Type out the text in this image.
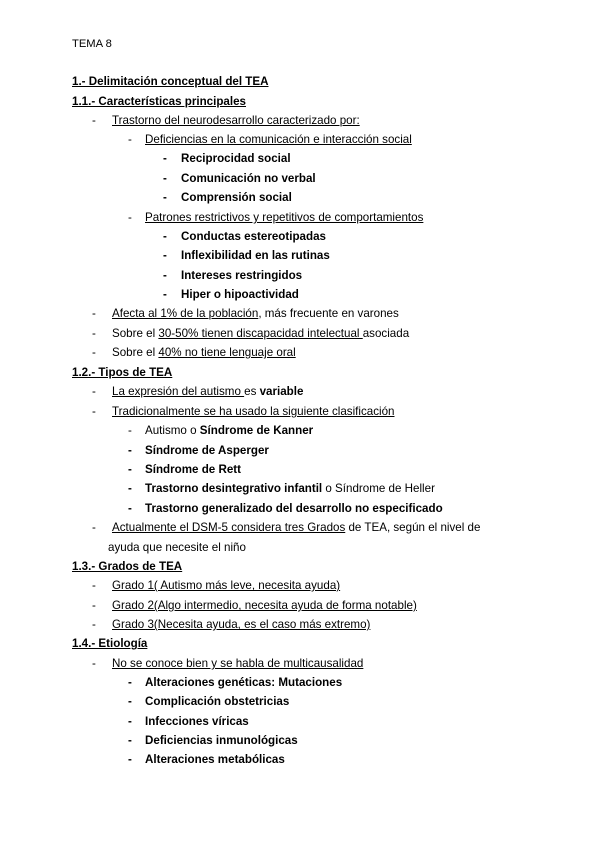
TEMA 8
1.- Delimitación conceptual del TEA
1.1.- Características principales
- Trastorno del neurodesarrollo caracterizado por:
- Deficiencias en la comunicación e interacción social
- Reciprocidad social
- Comunicación no verbal
- Comprensión social
- Patrones restrictivos y repetitivos de comportamientos
- Conductas estereotipadas
- Inflexibilidad en las rutinas
- Intereses restringidos
- Hiper o hipoactividad
- Afecta al 1% de la población, más frecuente en varones
- Sobre el 30-50% tienen discapacidad intelectual asociada
- Sobre el 40% no tiene lenguaje oral
1.2.- Tipos de TEA
- La expresión del autismo es variable
- Tradicionalmente se ha usado la siguiente clasificación
- Autismo o Síndrome de Kanner
- Síndrome de Asperger
- Síndrome de Rett
- Trastorno desintegrativo infantil o Síndrome de Heller
- Trastorno generalizado del desarrollo no especificado
- Actualmente el DSM-5 considera tres Grados de TEA, según el nivel de
ayuda que necesite el niño
1.3.- Grados de TEA
- Grado 1( Autismo más leve, necesita ayuda)
- Grado 2(Algo intermedio, necesita ayuda de forma notable)
- Grado 3(Necesita ayuda, es el caso más extremo)
1.4.- Etiología
- No se conoce bien y se habla de multicausalidad
- Alteraciones genéticas: Mutaciones
- Complicación obstetricias
- Infecciones víricas
- Deficiencias inmunológicas
- Alteraciones metabólicas
